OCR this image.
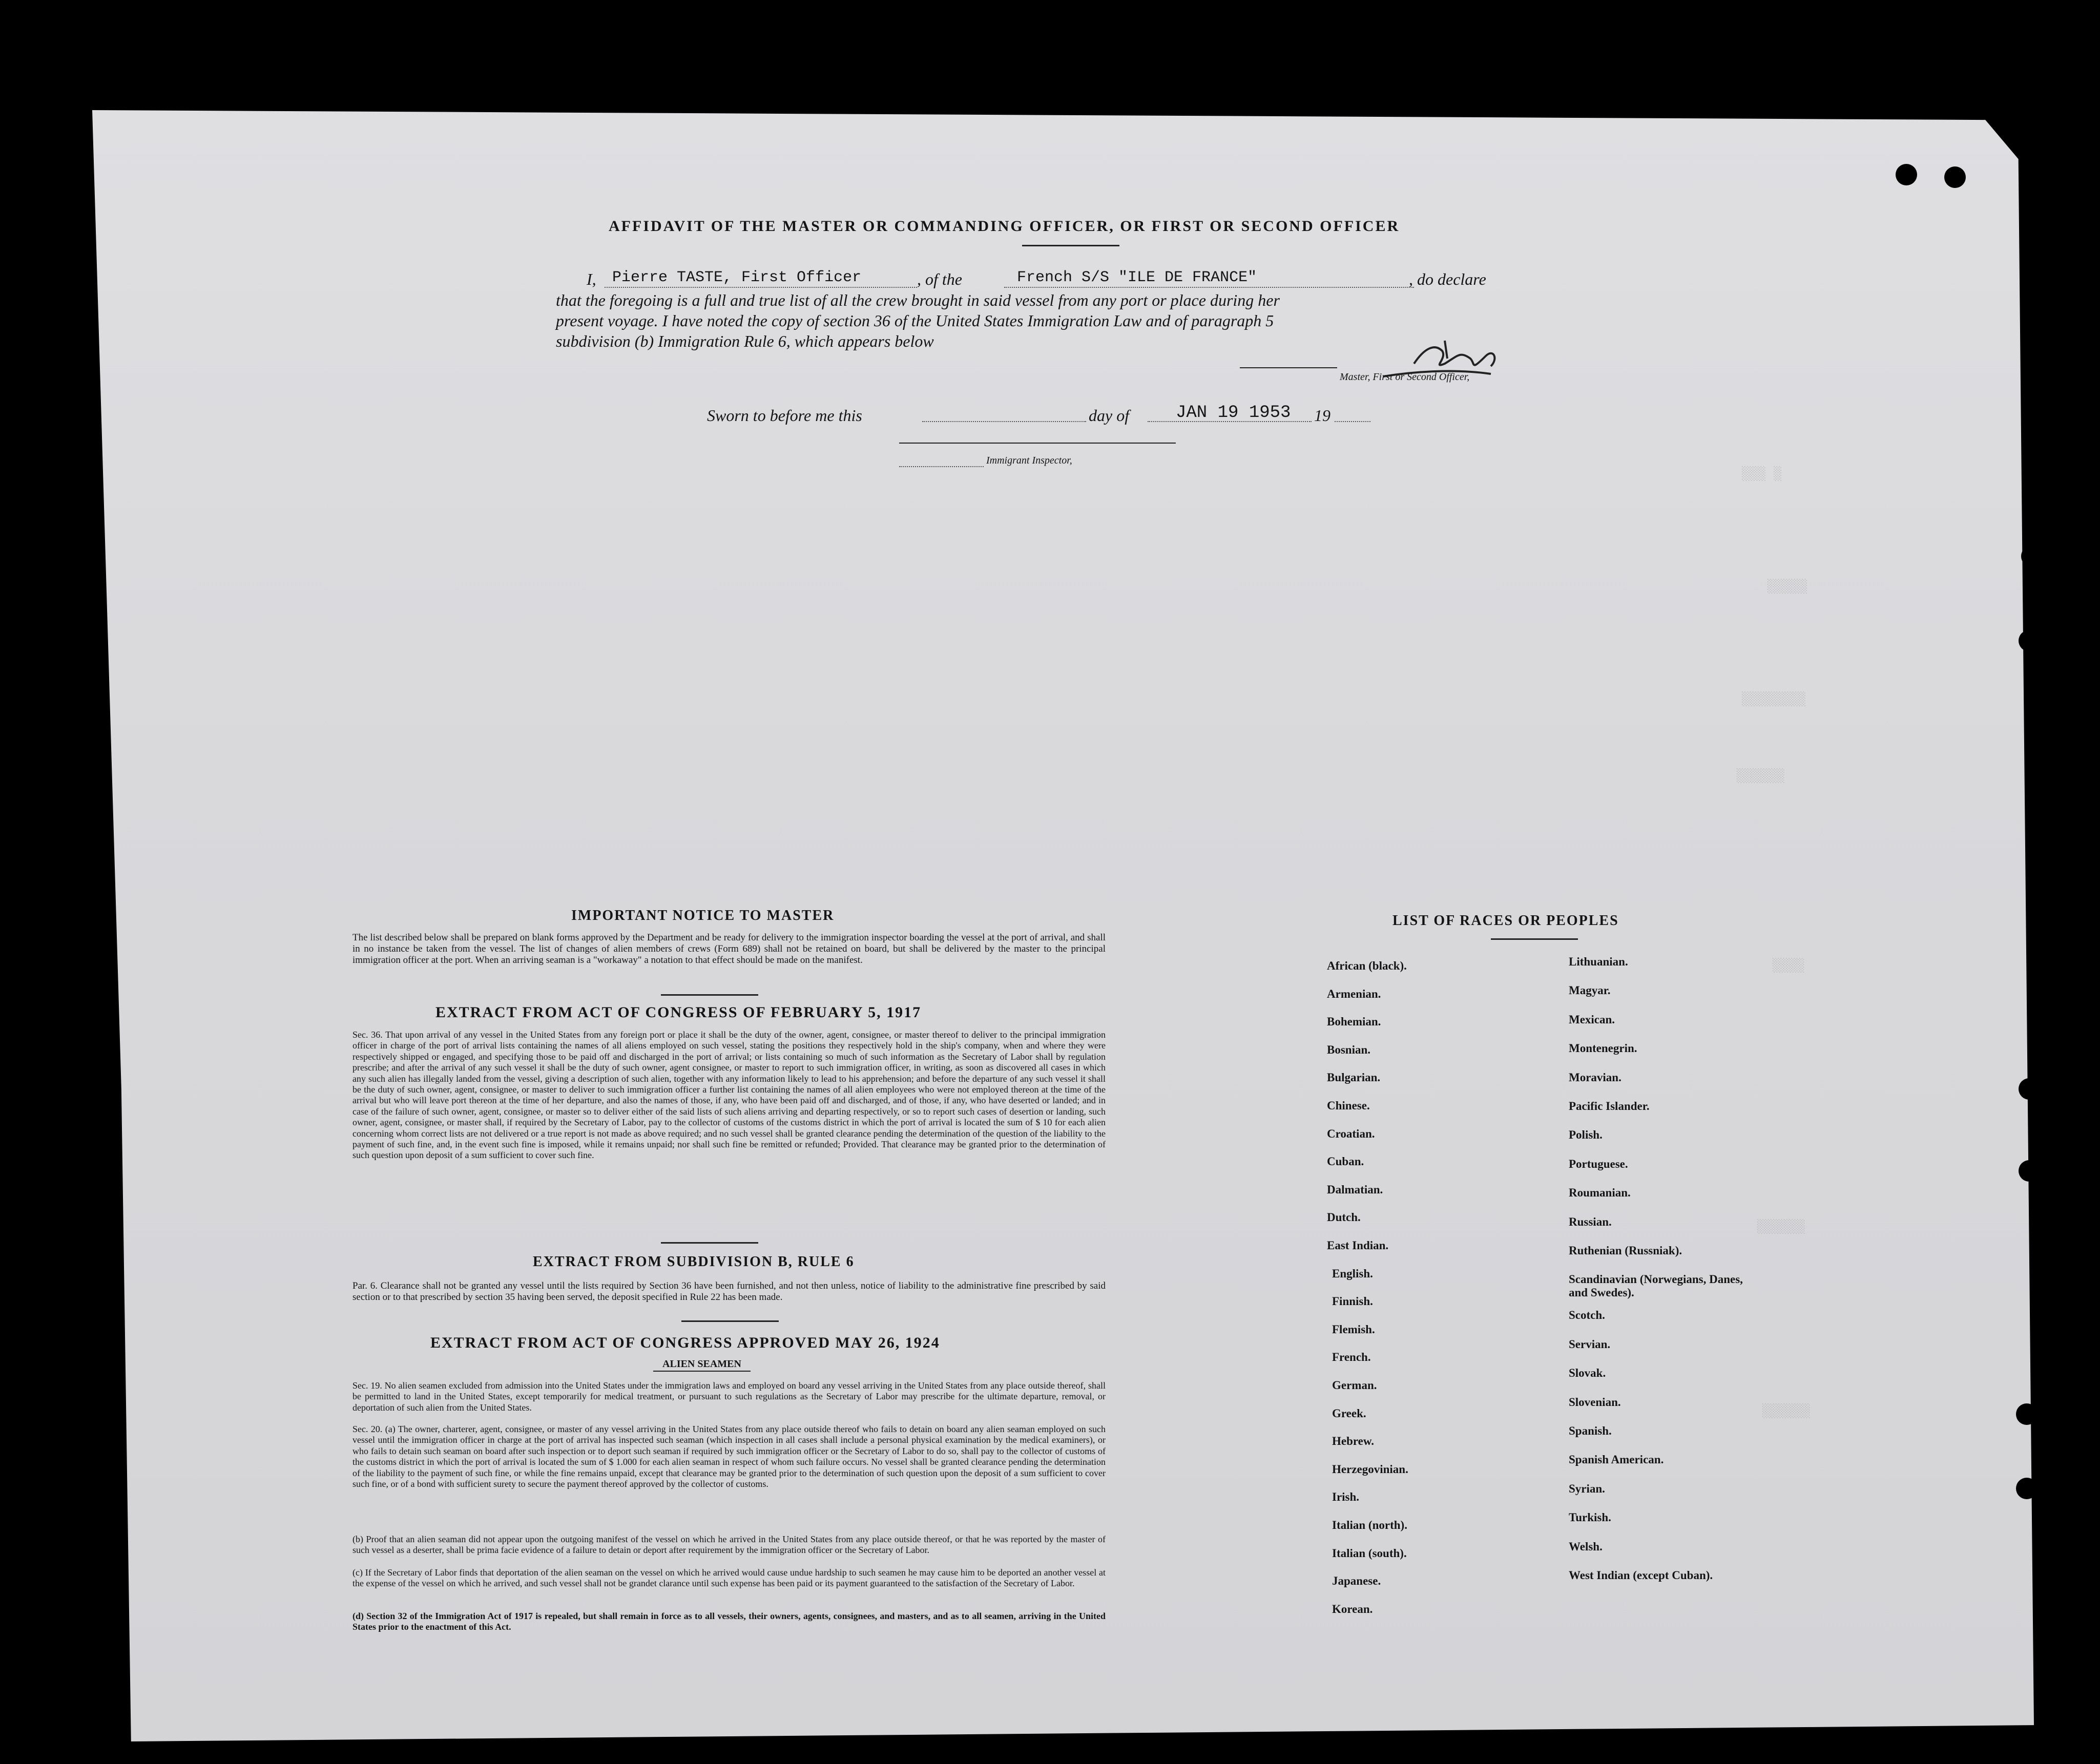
░░░ ░
░░░░░
░░░░░░░░
░░░░░░
░░░░
░░░░░░
░░░░░░
AFFIDAVIT OF THE MASTER OR COMMANDING OFFICER, OR FIRST OR SECOND OFFICER
I, Pierre TASTE, First Officer	, of the	French S/S "ILE DE FRANCE"	, do declare
that the foregoing is a full and true list of all the crew brought in said vessel from any port or place during her
present voyage. I have noted the copy of section 36 of the United States Immigration Law and of paragraph 5
subdivision (b) Immigration Rule 6, which appears below
Master, First or Second Officer,
Sworn to before me this	day of	JAN 19 1953 19
Immigrant Inspector,
IMPORTANT NOTICE TO MASTER
The list described below shall be prepared on blank forms approved by the Department and be ready for delivery to the immigration inspector boarding the vessel at the port of arrival, and shall in no instance be taken from the vessel. The list of changes of alien members of crews (Form 689) shall not be retained on board, but shall be delivered by the master to the principal immigration officer at the port. When an arriving seaman is a "workaway" a notation to that effect should be made on the manifest.
EXTRACT FROM ACT OF CONGRESS OF FEBRUARY 5, 1917
Sec. 36. That upon arrival of any vessel in the United States from any foreign port or place it shall be the duty of the owner, agent, consignee, or master thereof to deliver to the principal immigration officer in charge of the port of arrival lists containing the names of all aliens employed on such vessel, stating the positions they respectively hold in the ship's company, when and where they were respectively shipped or engaged, and specifying those to be paid off and discharged in the port of arrival; or lists containing so much of such information as the Secretary of Labor shall by regulation prescribe; and after the arrival of any such vessel it shall be the duty of such owner, agent consignee, or master to report to such immigration officer, in writing, as soon as discovered all cases in which any such alien has illegally landed from the vessel, giving a description of such alien, together with any information likely to lead to his apprehension; and before the departure of any such vessel it shall be the duty of such owner, agent, consignee, or master to deliver to such immigration officer a further list containing the names of all alien employees who were not employed thereon at the time of the arrival but who will leave port thereon at the time of her departure, and also the names of those, if any, who have been paid off and discharged, and of those, if any, who have deserted or landed; and in case of the failure of such owner, agent, consignee, or master so to deliver either of the said lists of such aliens arriving and departing respectively, or so to report such cases of desertion or landing, such owner, agent, consignee, or master shall, if required by the Secretary of Labor, pay to the collector of customs of the customs district in which the port of arrival is located the sum of $ 10 for each alien concerning whom correct lists are not delivered or a true report is not made as above required; and no such vessel shall be granted clearance pending the determination of the question of the liability to the payment of such fine, and, in the event such fine is imposed, while it remains unpaid; nor shall such fine be remitted or refunded; Provided. That clearance may be granted prior to the determination of such question upon deposit of a sum sufficient to cover such fine.
EXTRACT FROM SUBDIVISION B, RULE 6
Par. 6. Clearance shall not be granted any vessel until the lists required by Section 36 have been furnished, and not then unless, notice of liability to the administrative fine prescribed by said section or to that prescribed by section 35 having been served, the deposit specified in Rule 22 has been made.
EXTRACT FROM ACT OF CONGRESS APPROVED MAY 26, 1924
ALIEN SEAMEN
Sec. 19. No alien seamen excluded from admission into the United States under the immigration laws and employed on board any vessel arriving in the United States from any place outside thereof, shall be permitted to land in the United States, except temporarily for medical treatment, or pursuant to such regulations as the Secretary of Labor may prescribe for the ultimate departure, removal, or deportation of such alien from the United States.
Sec. 20. (a) The owner, charterer, agent, consignee, or master of any vessel arriving in the United States from any place outside thereof who fails to detain on board any alien seaman employed on such vessel until the immigration officer in charge at the port of arrival has inspected such seaman (which inspection in all cases shall include a personal physical examination by the medical examiners), or who fails to detain such seaman on board after such inspection or to deport such seaman if required by such immigration officer or the Secretary of Labor to do so, shall pay to the collector of customs of the customs district in which the port of arrival is located the sum of $ 1.000 for each alien seaman in respect of whom such failure occurs. No vessel shall be granted clearance pending the determination of the liability to the payment of such fine, or while the fine remains unpaid, except that clearance may be granted prior to the determination of such question upon the deposit of a sum sufficient to cover such fine, or of a bond with sufficient surety to secure the payment thereof approved by the collector of customs.
(b) Proof that an alien seaman did not appear upon the outgoing manifest of the vessel on which he arrived in the United States from any place outside thereof, or that he was reported by the master of such vessel as a deserter, shall be prima facie evidence of a failure to detain or deport after requirement by the immigration officer or the Secretary of Labor.
(c) If the Secretary of Labor finds that deportation of the alien seaman on the vessel on which he arrived would cause undue hardship to such seamen he may cause him to be deported an another vessel at the expense of the vessel on which he arrived, and such vessel shall not be grandet clarance until such expense has been paid or its payment guaranteed to the satisfaction of the Secretary of Labor.
(d) Section 32 of the Immigration Act of 1917 is repealed, but shall remain in force as to all vessels, their owners, agents, consignees, and masters, and as to all seamen, arriving in the United States prior to the enactment of this Act.
LIST OF RACES OR PEOPLES
African (black).
Armenian.
Bohemian.
Bosnian.
Bulgarian.
Chinese.
Croatian.
Cuban.
Dalmatian.
Dutch.
East Indian.
English.
Finnish.
Flemish.
French.
German.
Greek.
Hebrew.
Herzegovinian.
Irish.
Italian (north).
Italian (south).
Japanese.
Korean.
Lithuanian.
Magyar.
Mexican.
Montenegrin.
Moravian.
Pacific Islander.
Polish.
Portuguese.
Roumanian.
Russian.
Ruthenian (Russniak).
Scandinavian (Norwegians, Danes, and Swedes).
Scotch.
Servian.
Slovak.
Slovenian.
Spanish.
Spanish American.
Syrian.
Turkish.
Welsh.
West Indian (except Cuban).
